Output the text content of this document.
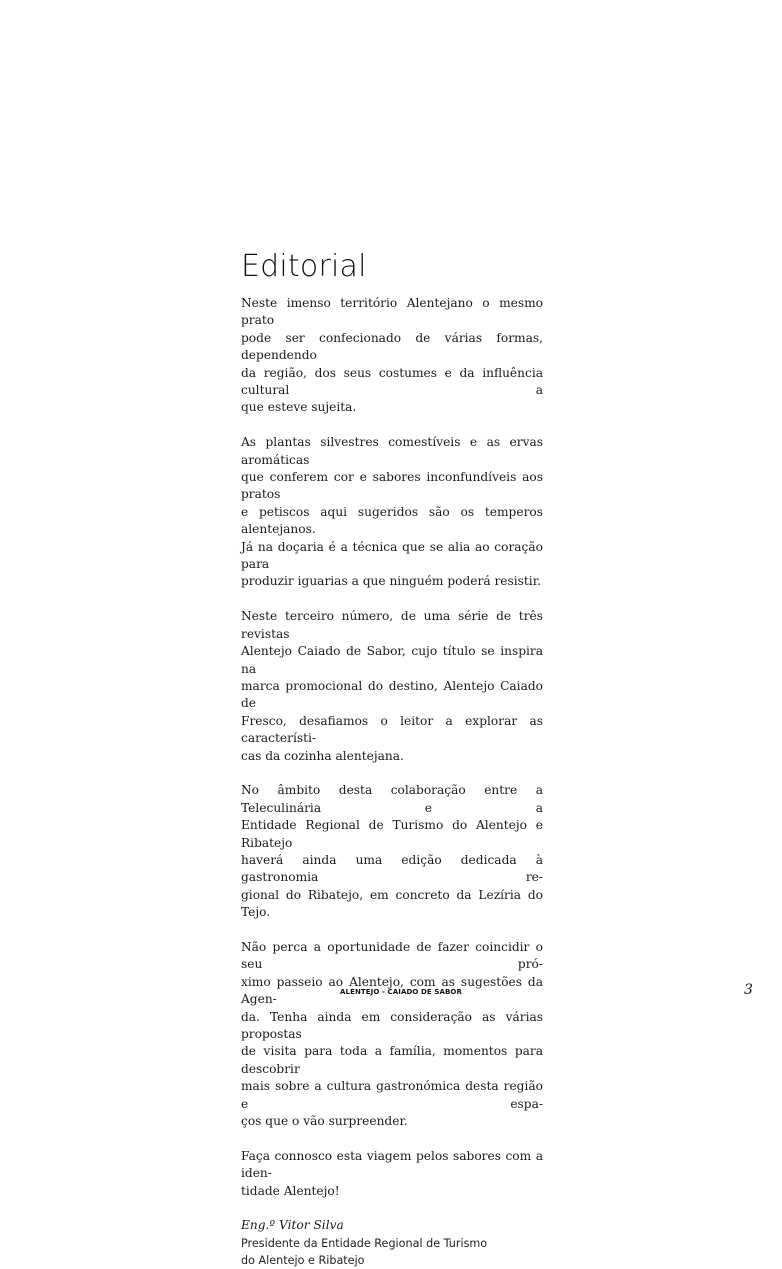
Editorial

Neste imenso território Alentejano o mesmo prato
pode ser confecionado de várias formas, dependendo
da região, dos seus costumes e da influência cultural a
que esteve sujeita.

As plantas silvestres comestíveis e as ervas aromáticas
que conferem cor e sabores inconfundíveis aos pratos
e petiscos aqui sugeridos são os temperos alentejanos.
Já na doçaria é a técnica que se alia ao coração para
produzir iguarias a que ninguém poderá resistir.

Neste terceiro número, de uma série de três revistas
Alentejo Caiado de Sabor, cujo título se inspira na
marca promocional do destino, Alentejo Caiado de
Fresco, desafiamos o leitor a explorar as característi-
cas da cozinha alentejana.

No âmbito desta colaboração entre a Teleculinária e a
Entidade Regional de Turismo do Alentejo e Ribatejo
haverá ainda uma edição dedicada à gastronomia re-
gional do Ribatejo, em concreto da Lezíria do Tejo.

Não perca a oportunidade de fazer coincidir o seu pró-
ximo passeio ao Alentejo, com as sugestões da Agen-
da. Tenha ainda em consideração as várias propostas
de visita para toda a família, momentos para descobrir
mais sobre a cultura gastronómica desta região e espa-
ços que o vão surpreender.

Faça connosco esta viagem pelos sabores com a iden-
tidade Alentejo!

Eng.º Vitor Silva

Presidente da Entidade Regional de Turismo

do Alentejo e Ribatejo

ALENTEJO - CAIADO DE SABOR	3
